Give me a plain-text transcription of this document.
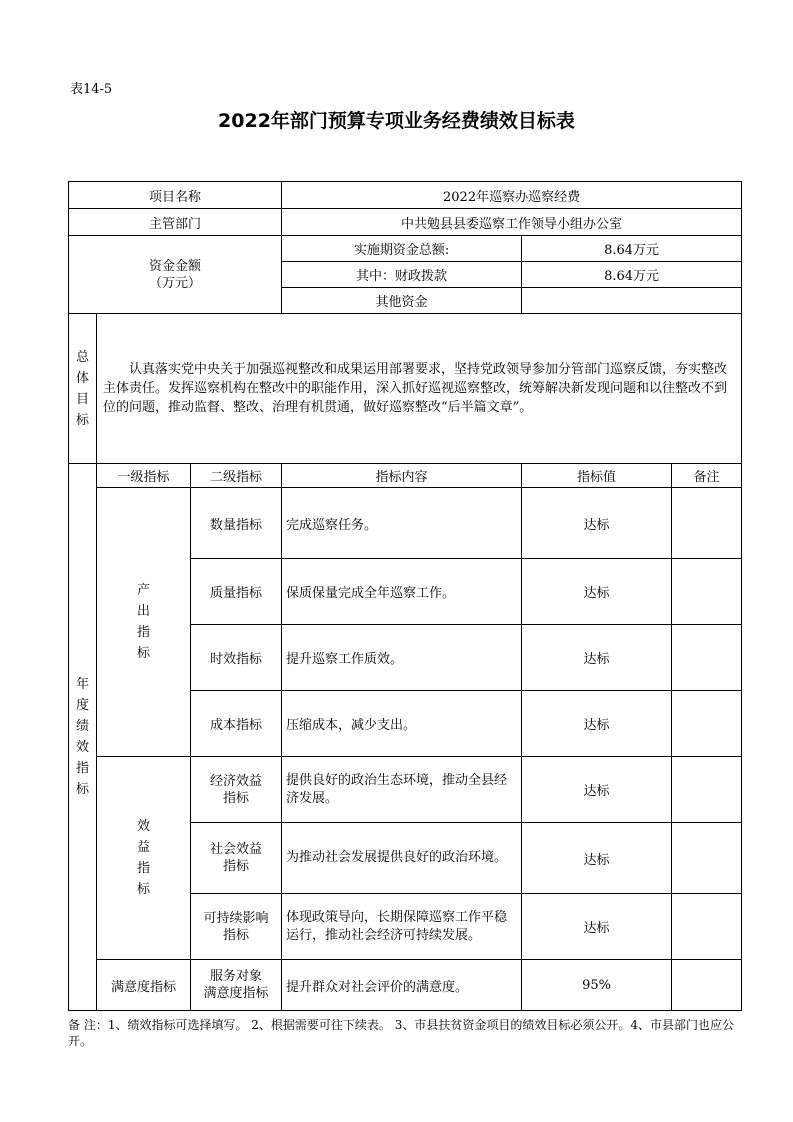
表14-5
2022年部门预算专项业务经费绩效目标表
项目名称			2022年巡察办巡察经费		
主管部门			中共勉县县委巡察工作领导小组办公室		

资金金额
（万元）			实施期资金总额:	8.64万元	
			其中：财政拨款	8.64万元	
			其他资金		

总体目标	认真落实党中央关于加强巡视整改和成果运用部署要求，坚持党政领导参加分管部门巡察反馈，夯实整改主体责任。发挥巡察机构在整改中的职能作用，深入抓好巡视巡察整改，统筹解决新发现问题和以往整改不到位的问题，推动监督、整改、治理有机贯通，做好巡察整改“后半篇文章”。				

年度绩效指标	一级指标	二级指标	指标内容	指标值	备注

	产出指标	数量指标	完成巡察任务。	达标	
		质量指标	保质保量完成全年巡察工作。	达标	
		时效指标	提升巡察工作质效。	达标	
		成本指标	压缩成本，减少支出。	达标	

	效益指标	经济效益
指标	提供良好的政治生态环境，推动全县经济发展。	达标	

		社会效益
指标	为推动社会发展提供良好的政治环境。	达标	

		可持续影响
指标	体现政策导向，长期保障巡察工作平稳运行，推动社会经济可持续发展。	达标	
	满意度指标	服务对象
满意度指标	提升群众对社会评价的满意度。	95%	
备 注：1、绩效指标可选择填写。 2、根据需要可往下续表。 3、市县扶贫资金项目的绩效目标必须公开。4、市县部门也应公开。
